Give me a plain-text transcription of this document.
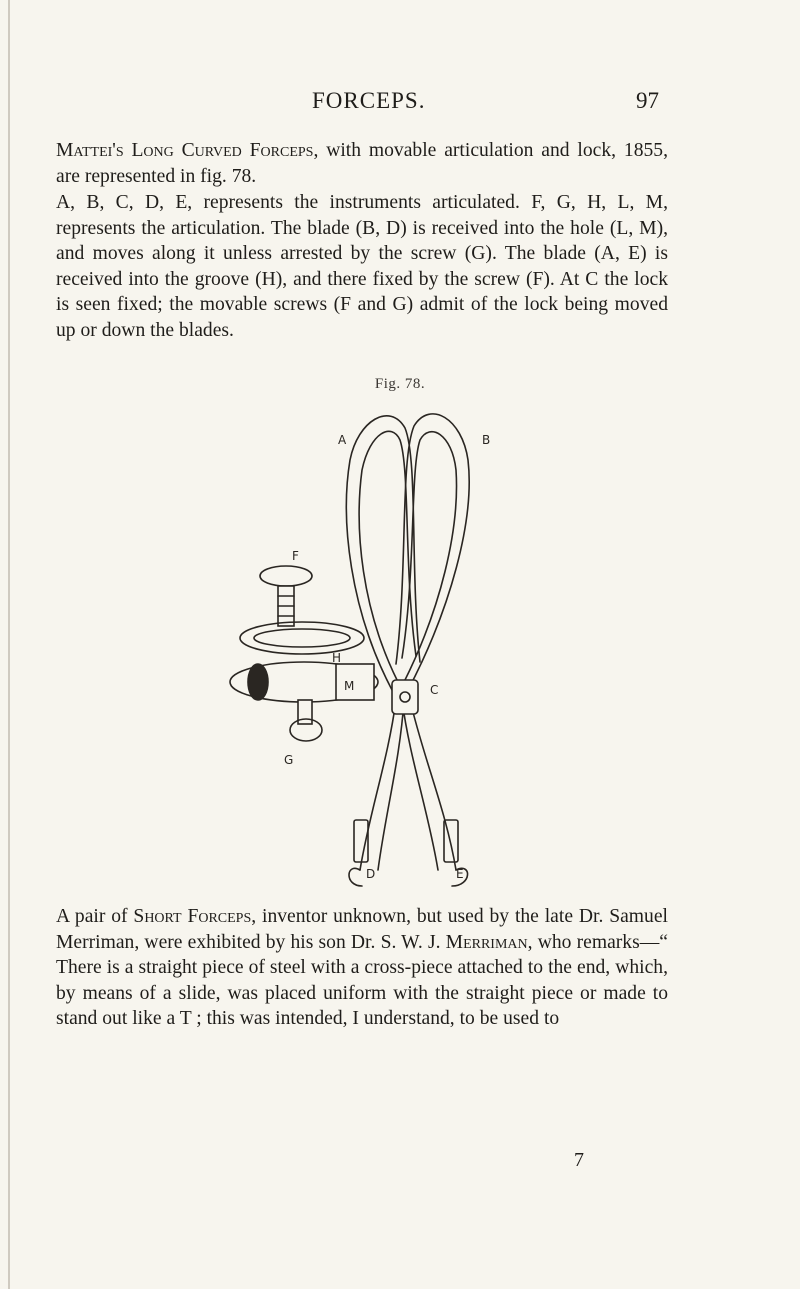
FORCEPS.	97

Mattei's Long Curved Forceps, with movable articulation and lock, 1855, are represented in fig. 78.

A, B, C, D, E, represents the instruments articulated. F, G, H, L, M, represents the articulation. The blade (B, D) is received into the hole (L, M), and moves along it unless arrested by the screw (G). The blade (A, E) is received into the groove (H), and there fixed by the screw (F). At C the lock is seen fixed; the movable screws (F and G) admit of the lock being moved up or down the blades.

Fig. 78.
A	B
C
D	E
F
G
H
M

A pair of Short Forceps, inventor unknown, but used by the late Dr. Samuel Merriman, were exhibited by his son Dr. S. W. J. Merriman, who remarks—“ There is a straight piece of steel with a cross-piece attached to the end, which, by means of a slide, was placed uniform with the straight piece or made to stand out like a T ; this was intended, I understand, to be used to

7
